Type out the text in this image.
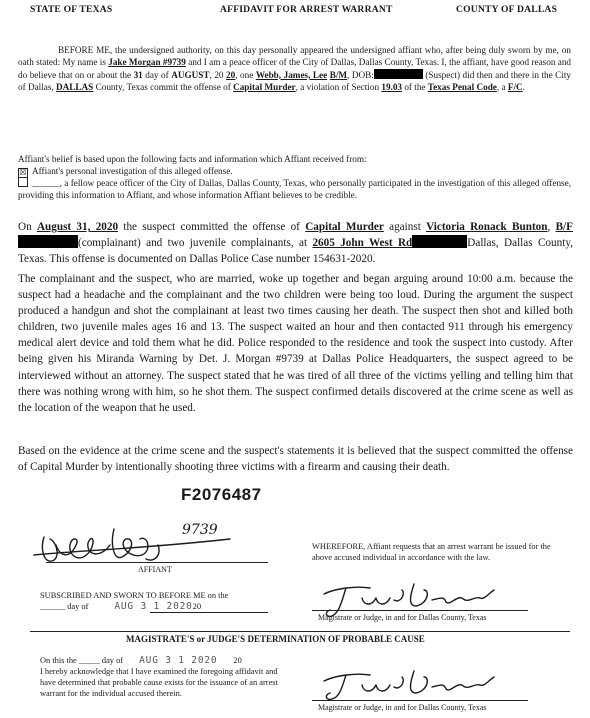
STATE OF TEXAS	AFFIDAVIT FOR ARREST WARRANT	COUNTY OF DALLAS
BEFORE ME, the undersigned authority, on this day personally appeared the undersigned affiant who, after being duly sworn by me, on oath stated: My name is Jake Morgan #9739 and I am a peace officer of the City of Dallas, Dallas County, Texas. I, the affiant, have good reason and do believe that on or about the 31 day of AUGUST, 20 20, one Webb, James, Lee B/M, DOB:	(Suspect) did then and there in the City of Dallas, DALLAS County, Texas commit the offense of Capital Murder, a violation of Section 19.03 of the Texas Penal Code, a F/C.
Affiant's belief is based upon the following facts and information which Affiant received from:
☒ Affiant's personal investigation of this alleged offense.
______, a fellow peace officer of the City of Dallas, Dallas County, Texas, who personally participated in the investigation of this alleged offense, providing this information to Affiant, and whose information Affiant believes to be credible.
On August 31, 2020 the suspect committed the offense of Capital Murder against Victoria Ronack Bunton, B/F(complainant) and two juvenile complainants, at 2605 John West Rd	Dallas, Dallas County, Texas. This offense is documented on Dallas Police Case number 154631-2020.
The complainant and the suspect, who are married, woke up together and began arguing around 10:00 a.m. because the suspect had a headache and the complainant and the two children were being too loud. During the argument the suspect produced a handgun and shot the complainant at least two times causing her death. The suspect then shot and killed both children, two juvenile males ages 16 and 13. The suspect waited an hour and then contacted 911 through his emergency medical alert device and told them what he did. Police responded to the residence and took the suspect into custody. After being given his Miranda Warning by Det. J. Morgan #9739 at Dallas Police Headquarters, the suspect agreed to be interviewed without an attorney. The suspect stated that he was tired of all three of the victims yelling and telling him that there was nothing wrong with him, so he shot them. The suspect confirmed details discovered at the crime scene as well as the location of the weapon that he used.
Based on the evidence at the crime scene and the suspect's statements it is believed that the suspect committed the offense of Capital Murder by intentionally shooting three victims with a firearm and causing their death.
F2076487
9739
AFFIANT
WHEREFORE, Affiant requests that an arrest warrant be issued for the above accused individual in accordance with the law.
SUBSCRIBED AND SWORN TO BEFORE ME on the
______ day of	AUG 3 1 202020
Magistrate or Judge, in and for Dallas County, Texas
MAGISTRATE'S or JUDGE'S DETERMINATION OF PROBABLE CAUSE
On this the _____ day of AUG 3 1 2020 20
I hereby acknowledge that I have examined the foregoing affidavit and have determined that probable cause exists for the issuance of an arrest warrant for the individual accused therein.
Magistrate or Judge, in and for Dallas County, Texas
